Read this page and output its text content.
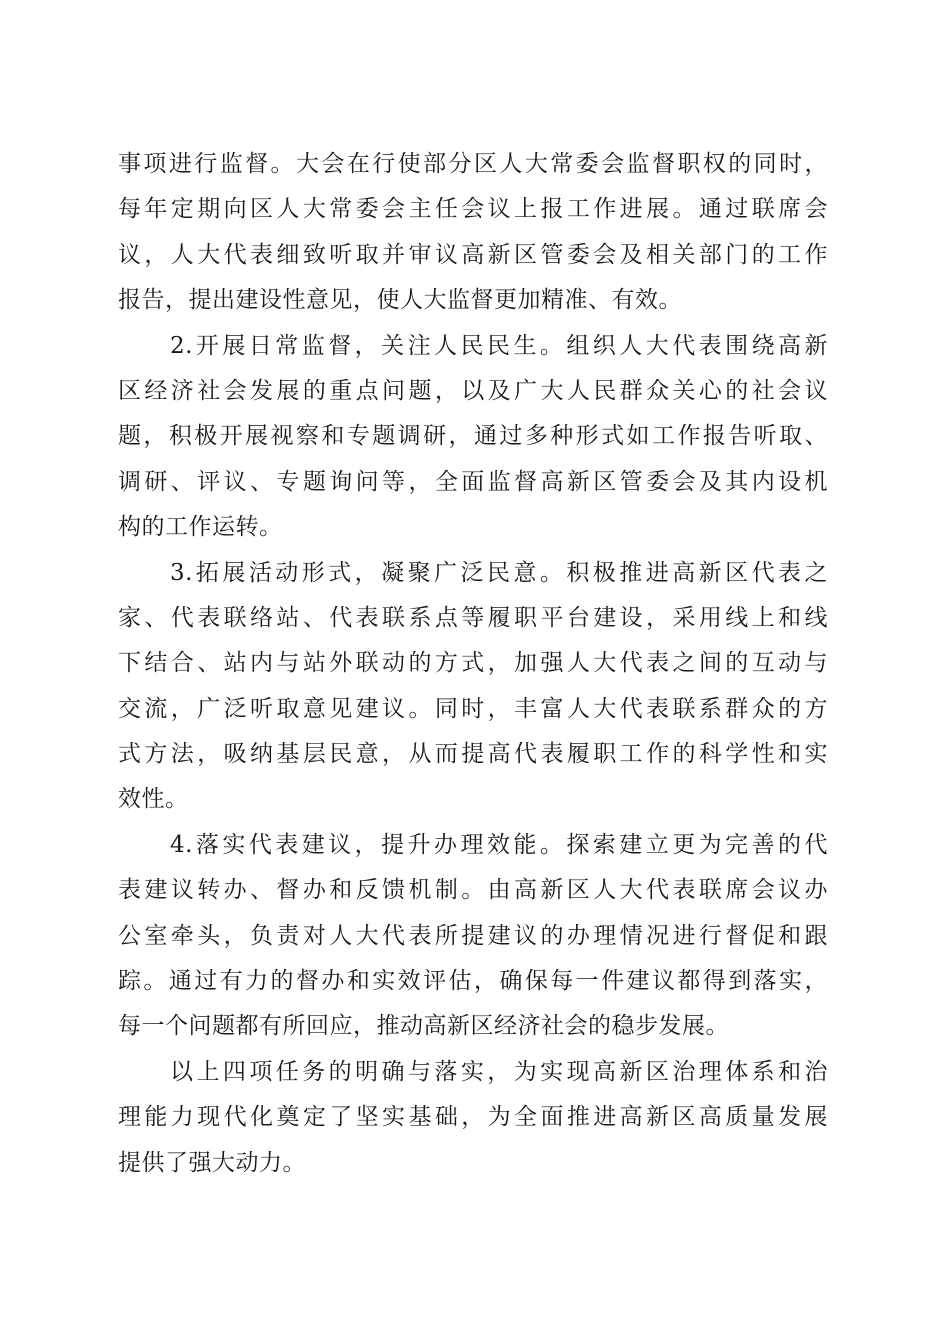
事项进行监督。大会在行使部分区人大常委会监督职权的同时，
每年定期向区人大常委会主任会议上报工作进展。通过联席会
议，人大代表细致听取并审议高新区管委会及相关部门的工作
报告，提出建设性意见，使人大监督更加精准、有效。
2.开展日常监督，关注人民民生。组织人大代表围绕高新
区经济社会发展的重点问题，以及广大人民群众关心的社会议
题，积极开展视察和专题调研，通过多种形式如工作报告听取、
调研、评议、专题询问等，全面监督高新区管委会及其内设机
构的工作运转。
3.拓展活动形式，凝聚广泛民意。积极推进高新区代表之
家、代表联络站、代表联系点等履职平台建设，采用线上和线
下结合、站内与站外联动的方式，加强人大代表之间的互动与
交流，广泛听取意见建议。同时，丰富人大代表联系群众的方
式方法，吸纳基层民意，从而提高代表履职工作的科学性和实
效性。
4.落实代表建议，提升办理效能。探索建立更为完善的代
表建议转办、督办和反馈机制。由高新区人大代表联席会议办
公室牵头，负责对人大代表所提建议的办理情况进行督促和跟
踪。通过有力的督办和实效评估，确保每一件建议都得到落实，
每一个问题都有所回应，推动高新区经济社会的稳步发展。
以上四项任务的明确与落实，为实现高新区治理体系和治
理能力现代化奠定了坚实基础，为全面推进高新区高质量发展
提供了强大动力。
